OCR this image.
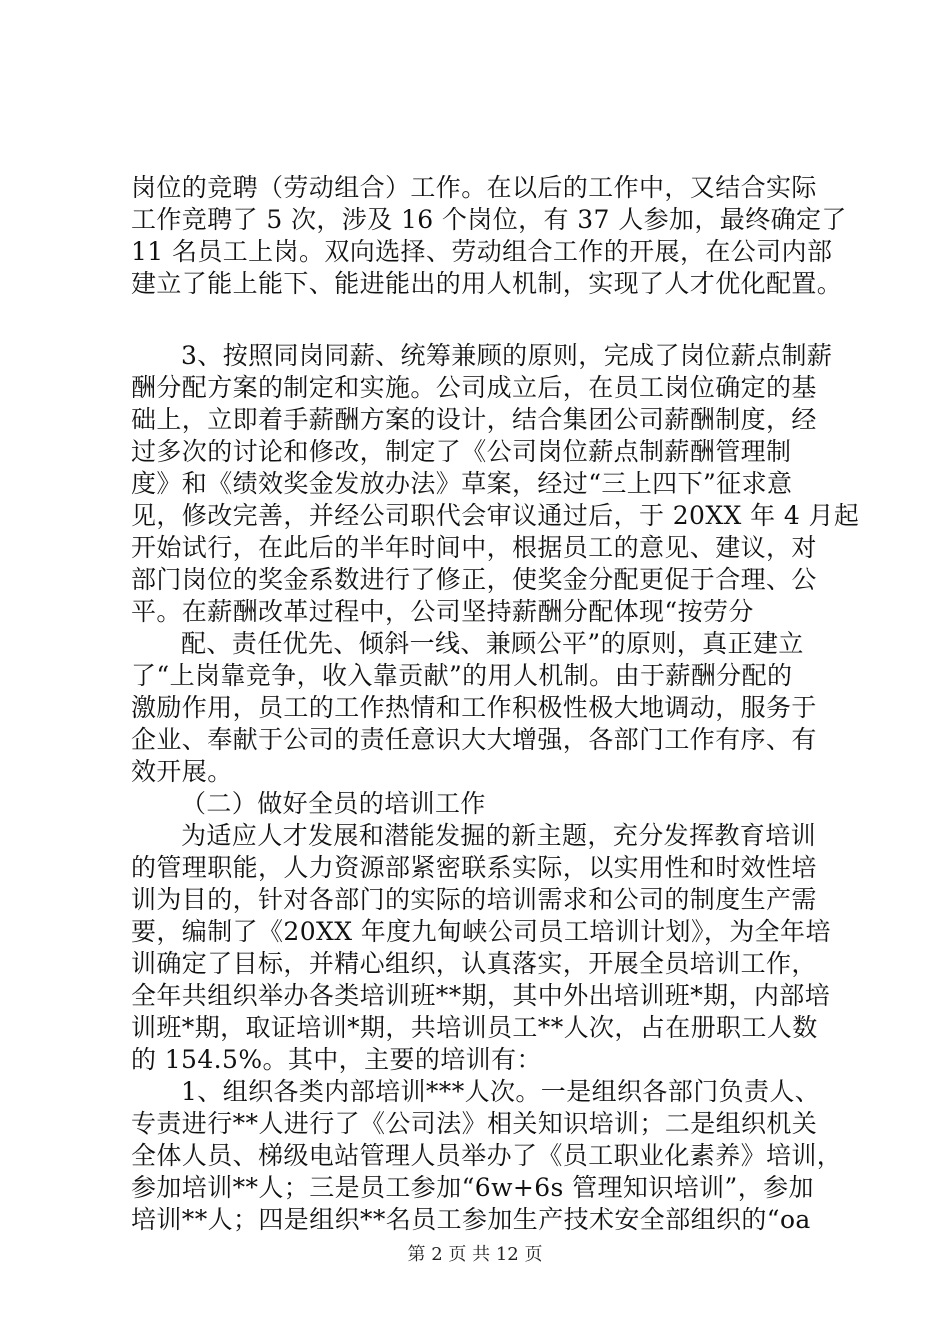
岗位的竞聘（劳动组合）工作。在以后的工作中，又结合实际
工作竞聘了 5 次，涉及 16 个岗位，有 37 人参加，最终确定了
11 名员工上岗。双向选择、劳动组合工作的开展，在公司内部
建立了能上能下、能进能出的用人机制，实现了人才优化配置。
3、按照同岗同薪、统筹兼顾的原则，完成了岗位薪点制薪
酬分配方案的制定和实施。公司成立后，在员工岗位确定的基
础上，立即着手薪酬方案的设计，结合集团公司薪酬制度，经
过多次的讨论和修改，制定了《公司岗位薪点制薪酬管理制
度》和《绩效奖金发放办法》草案，经过“三上四下”征求意
见，修改完善，并经公司职代会审议通过后，于 20XX 年 4 月起
开始试行，在此后的半年时间中，根据员工的意见、建议，对
部门岗位的奖金系数进行了修正，使奖金分配更促于合理、公
平。在薪酬改革过程中，公司坚持薪酬分配体现“按劳分
配、责任优先、倾斜一线、兼顾公平”的原则，真正建立
了“上岗靠竞争，收入靠贡献”的用人机制。由于薪酬分配的
激励作用，员工的工作热情和工作积极性极大地调动，服务于
企业、奉献于公司的责任意识大大增强，各部门工作有序、有
效开展。
（二）做好全员的培训工作
为适应人才发展和潜能发掘的新主题，充分发挥教育培训
的管理职能，人力资源部紧密联系实际，以实用性和时效性培
训为目的，针对各部门的实际的培训需求和公司的制度生产需
要，编制了《20XX 年度九甸峡公司员工培训计划》，为全年培
训确定了目标，并精心组织，认真落实，开展全员培训工作，
全年共组织举办各类培训班**期，其中外出培训班*期，内部培
训班*期，取证培训*期，共培训员工**人次，占在册职工人数
的 154.5%。其中，主要的培训有：
1、组织各类内部培训***人次。一是组织各部门负责人、
专责进行**人进行了《公司法》相关知识培训；二是组织机关
全体人员、梯级电站管理人员举办了《员工职业化素养》培训，
参加培训**人；三是员工参加“6w+6s 管理知识培训”，参加
培训**人；四是组织**名员工参加生产技术安全部组织的“oa
第 2 页 共 12 页
